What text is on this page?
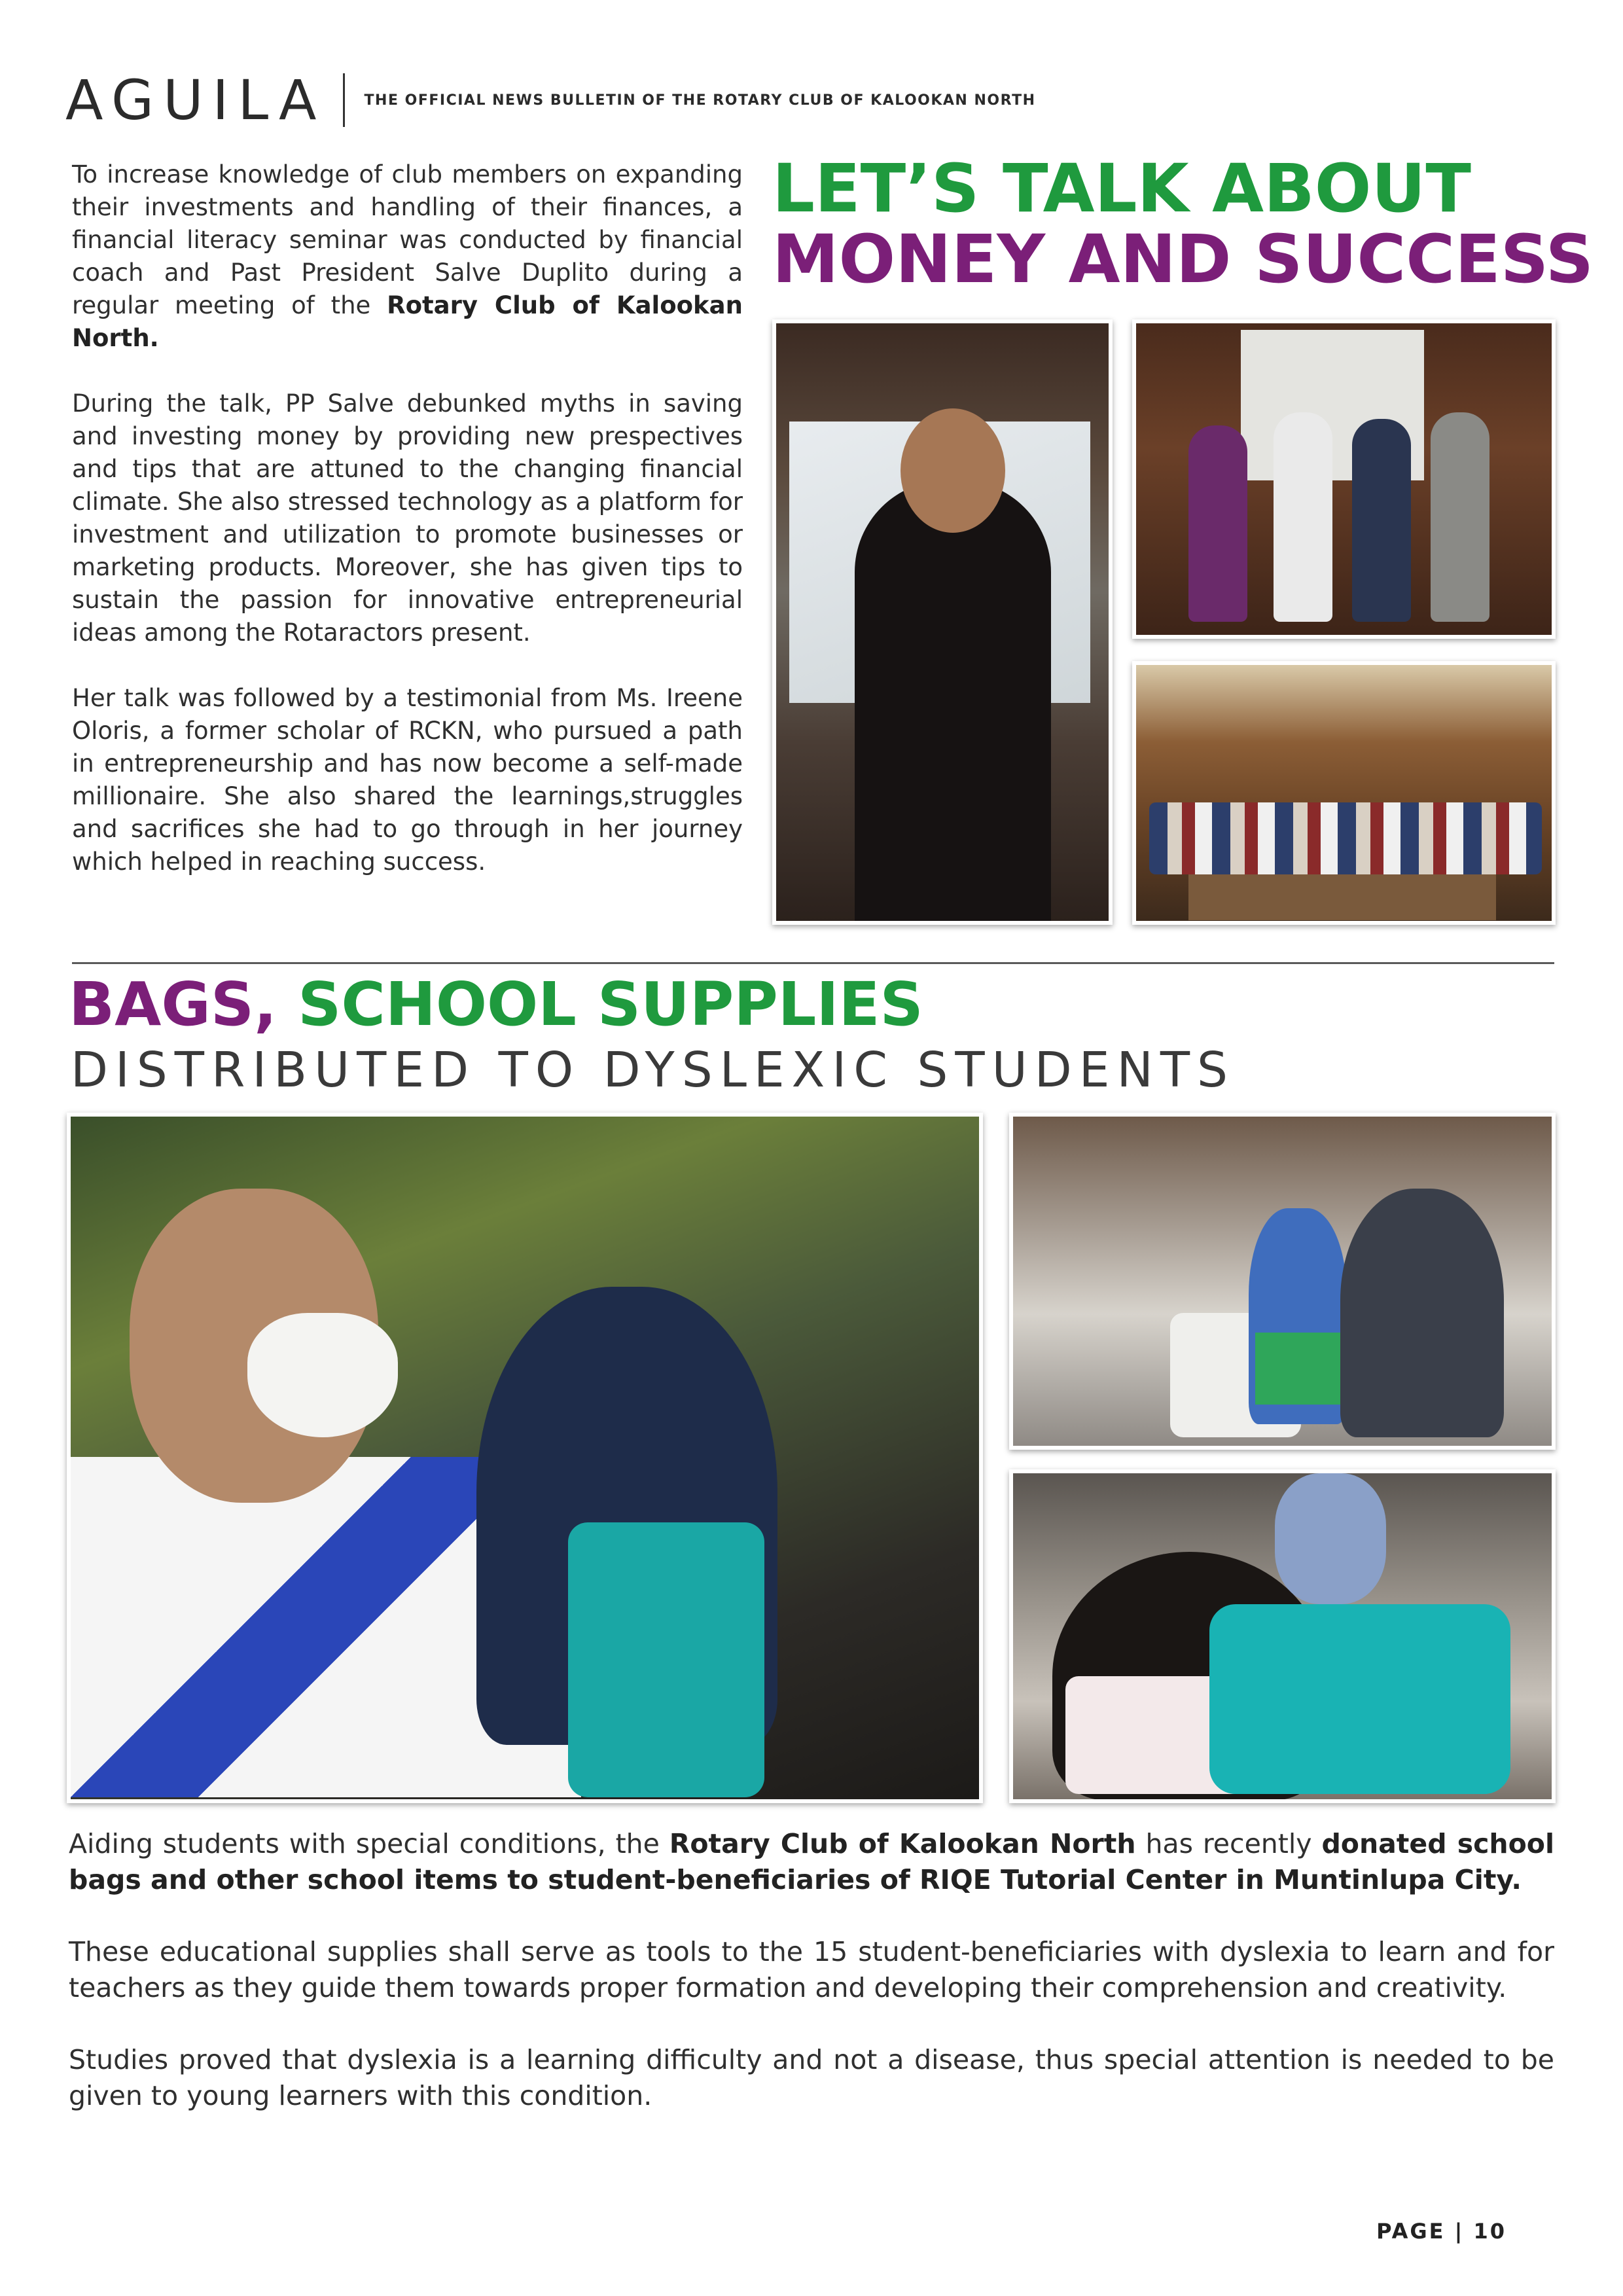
AGUILA	THE OFFICIAL NEWS BULLETIN OF THE ROTARY CLUB OF KALOOKAN NORTH

To increase knowledge of club members on expanding their investments and handling of their finances, a financial literacy seminar was conducted by financial coach and Past President Salve Duplito during a regular meeting of the Rotary Club of Kalookan North.

During the talk, PP Salve debunked myths in saving and investing money by providing new prespectives and tips that are attuned to the changing financial climate. She also stressed technology as a platform for investment and utilization to promote businesses or marketing products. Moreover, she has given tips to sustain the passion for innovative entrepreneurial ideas among the Rotaractors present.

Her talk was followed by a testimonial from Ms. Ireene Oloris, a former scholar of RCKN, who pursued a path in entrepreneurship and has now become a self-made millionaire. She also shared the learnings,struggles and sacrifices she had to go through in her journey which helped in reaching success.

LET’S TALK ABOUT
MONEY AND SUCCESS
BAGS, SCHOOL SUPPLIES
DISTRIBUTED TO DYSLEXIC STUDENTS

Aiding students with special conditions, the Rotary Club of Kalookan North has recently donated school bags and other school items to student-beneficiaries of RIQE Tutorial Center in Muntinlupa City.

These educational supplies shall serve as tools to the 15 student-beneficiaries with dyslexia to learn and for teachers as they guide them towards proper formation and developing their comprehension and creativity.

Studies proved that dyslexia is a learning difficulty and not a disease, thus special attention is needed to be given to young learners with this condition.

PAGE | 10
